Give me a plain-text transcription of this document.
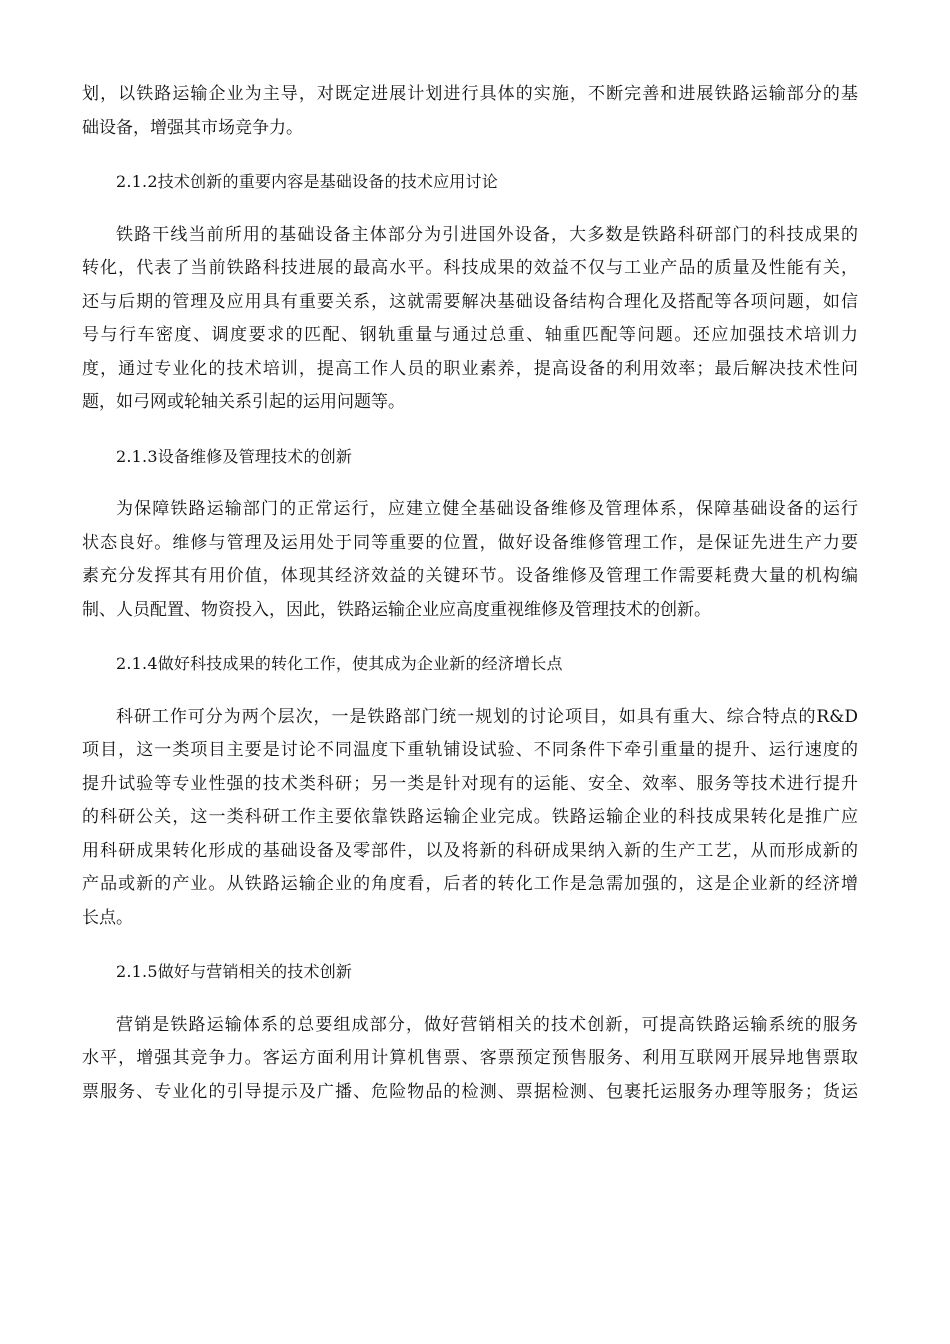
划，以铁路运输企业为主导，对既定进展计划进行具体的实施，不断完善和进展铁路运输部分的基
础设备，增强其市场竞争力。
2.1.2技术创新的重要内容是基础设备的技术应用讨论
铁路干线当前所用的基础设备主体部分为引进国外设备，大多数是铁路科研部门的科技成果的
转化，代表了当前铁路科技进展的最高水平。科技成果的效益不仅与工业产品的质量及性能有关，
还与后期的管理及应用具有重要关系，这就需要解决基础设备结构合理化及搭配等各项问题，如信
号与行车密度、调度要求的匹配、钢轨重量与通过总重、轴重匹配等问题。还应加强技术培训力
度，通过专业化的技术培训，提高工作人员的职业素养，提高设备的利用效率；最后解决技术性问
题，如弓网或轮轴关系引起的运用问题等。
2.1.3设备维修及管理技术的创新
为保障铁路运输部门的正常运行，应建立健全基础设备维修及管理体系，保障基础设备的运行
状态良好。维修与管理及运用处于同等重要的位置，做好设备维修管理工作，是保证先进生产力要
素充分发挥其有用价值，体现其经济效益的关键环节。设备维修及管理工作需要耗费大量的机构编
制、人员配置、物资投入，因此，铁路运输企业应高度重视维修及管理技术的创新。
2.1.4做好科技成果的转化工作，使其成为企业新的经济增长点
科研工作可分为两个层次，一是铁路部门统一规划的讨论项目，如具有重大、综合特点的R&D
项目，这一类项目主要是讨论不同温度下重轨铺设试验、不同条件下牵引重量的提升、运行速度的
提升试验等专业性强的技术类科研；另一类是针对现有的运能、安全、效率、服务等技术进行提升
的科研公关，这一类科研工作主要依靠铁路运输企业完成。铁路运输企业的科技成果转化是推广应
用科研成果转化形成的基础设备及零部件，以及将新的科研成果纳入新的生产工艺，从而形成新的
产品或新的产业。从铁路运输企业的角度看，后者的转化工作是急需加强的，这是企业新的经济增
长点。
2.1.5做好与营销相关的技术创新
营销是铁路运输体系的总要组成部分，做好营销相关的技术创新，可提高铁路运输系统的服务
水平，增强其竞争力。客运方面利用计算机售票、客票预定预售服务、利用互联网开展异地售票取
票服务、专业化的引导提示及广播、危险物品的检测、票据检测、包裹托运服务办理等服务；货运
